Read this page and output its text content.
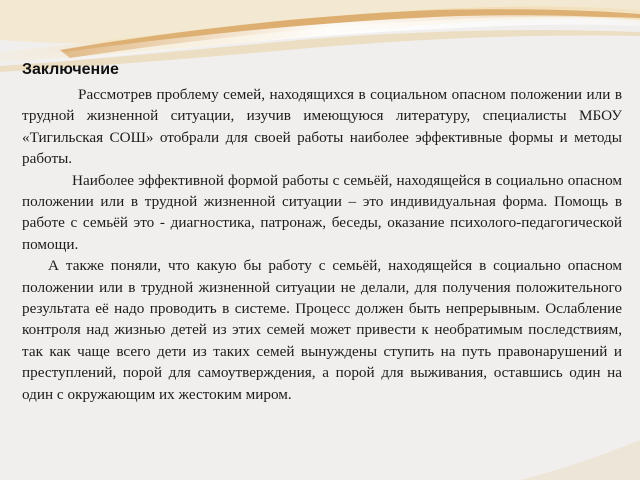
Заключение

Рассмотрев проблему семей, находящихся в социальном опасном положении или в трудной жизненной ситуации, изучив имеющуюся литературу, специалисты МБОУ «Тигильская СОШ» отобрали для своей работы наиболее эффективные формы и методы работы.

Наиболее эффективной формой работы с семьёй, находящейся в социально опасном положении или в трудной жизненной ситуации – это индивидуальная форма. Помощь в работе с семьёй это - диагностика, патронаж, беседы, оказание психолого-педагогической помощи.

А также поняли, что какую бы работу с семьёй, находящейся в социально опасном положении или в трудной жизненной ситуации не делали, для получения положительного результата её надо проводить в системе. Процесс должен быть непрерывным. Ослабление контроля над жизнью детей из этих семей может привести к необратимым последствиям, так как чаще всего дети из таких семей вынуждены ступить на путь правонарушений и преступлений, порой для самоутверждения, а порой для выживания, оставшись один на один с окружающим их жестоким миром.
